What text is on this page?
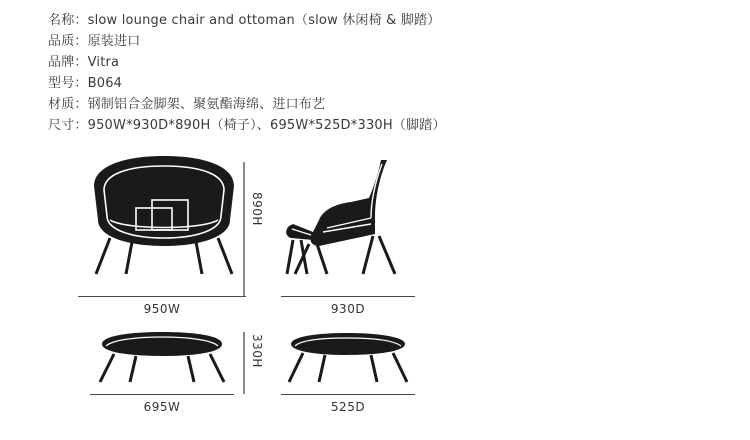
名称：slow lounge chair and ottoman（slow 休闲椅 & 脚踏）
品质：原装进口
品牌：Vitra
型号：B064
材质：钢制铝合金脚架、聚氨酯海绵、进口布艺
尺寸：950W*930D*890H（椅子）、695W*525D*330H（脚踏）
950W
890H
930D
695W
330H
525D
